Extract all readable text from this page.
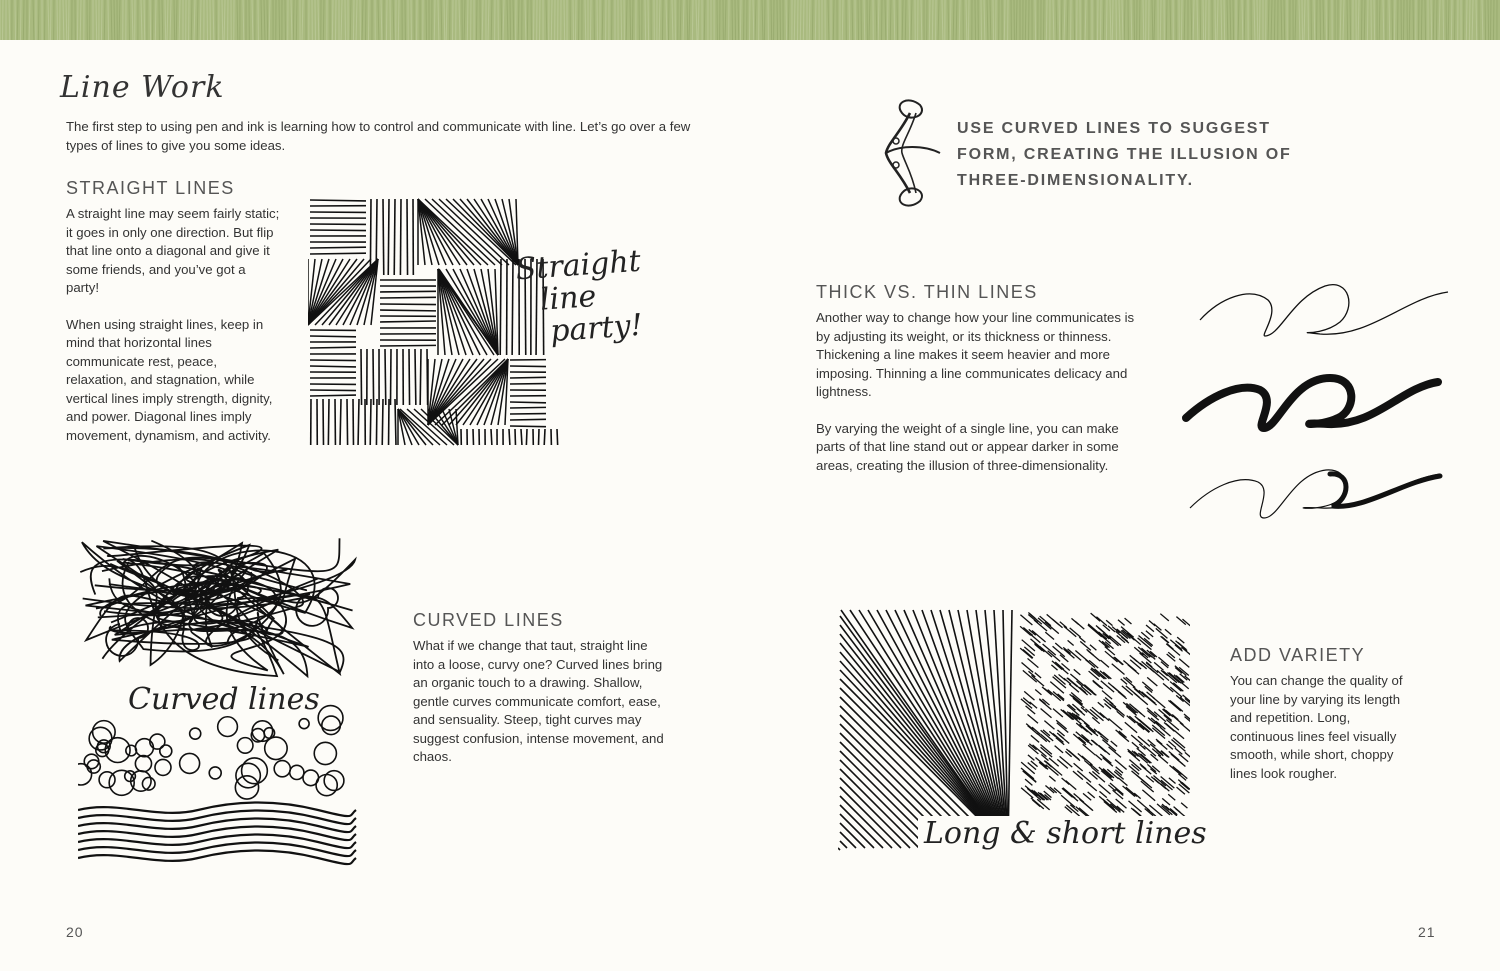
Line Work
The first step to using pen and ink is learning how to control and communicate with line. Let’s go over a few types of lines to give you some ideas.
STRAIGHT LINES

A straight line may seem fairly static; it goes in only one direction. But flip that line onto a diagonal and give it some friends, and you’ve got a party!

When using straight lines, keep in mind that horizontal lines communicate rest, peace, relaxation, and stagnation, while vertical lines imply strength, dignity, and power. Diagonal lines imply movement, dynamism, and activity.

Straight
line
party!
USE CURVED LINES TO SUGGEST FORM, CREATING THE ILLUSION OF THREE-DIMENSIONALITY.
THICK VS. THIN LINES

Another way to change how your line communicates is by adjusting its weight, or its thickness or thinness. Thickening a line makes it seem heavier and more imposing. Thinning a line communicates delicacy and lightness.

By varying the weight of a single line, you can make parts of that line stand out or appear darker in some areas, creating the illusion of three-dimensionality.

Curved lines
CURVED LINES
What if we change that taut, straight line into a loose, curvy one? Curved lines bring an organic touch to a drawing. Shallow, gentle curves communicate comfort, ease, and sensuality. Steep, tight curves may suggest confusion, intense movement, and chaos.
Long & short lines
ADD VARIETY
You can change the quality of your line by varying its length and repetition. Long, continuous lines feel visually smooth, while short, choppy lines look rougher.
20	21
